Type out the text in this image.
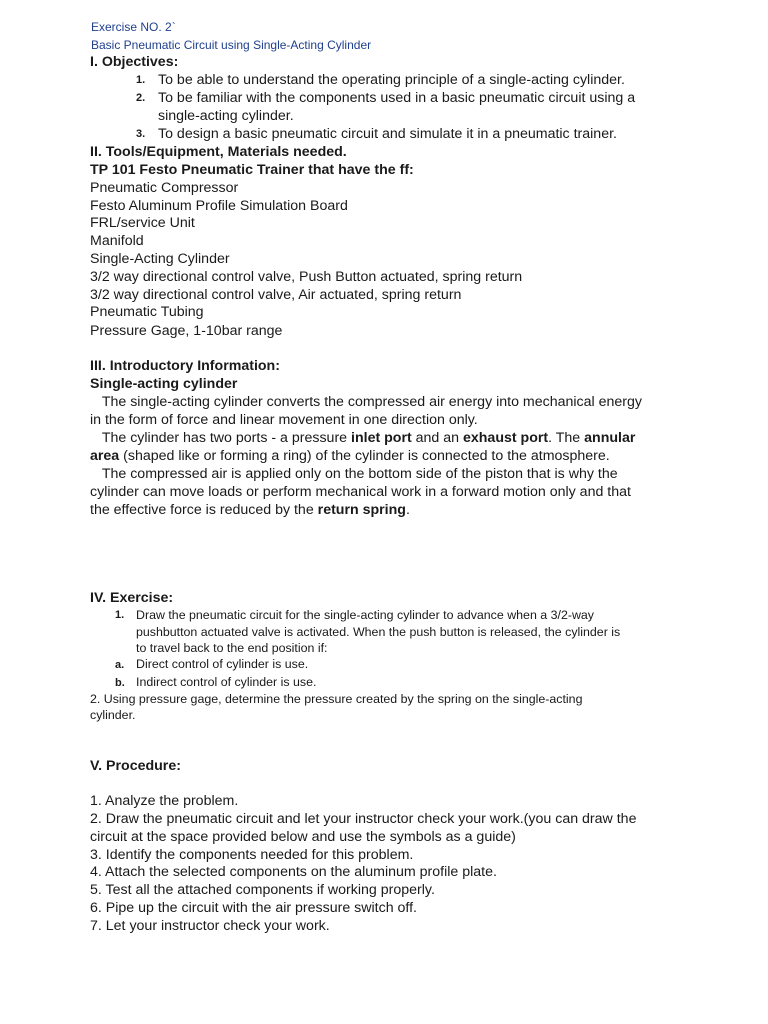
Exercise NO. 2`
Basic Pneumatic Circuit using Single-Acting Cylinder
I. Objectives:
1. To be able to understand the operating principle of a single-acting cylinder.
2. To be familiar with the components used in a basic pneumatic circuit using a
single-acting cylinder.
3. To design a basic pneumatic circuit and simulate it in a pneumatic trainer.
II. Tools/Equipment, Materials needed.
TP 101 Festo Pneumatic Trainer that have the ff:
Pneumatic Compressor
Festo Aluminum Profile Simulation Board
FRL/service Unit
Manifold
Single-Acting Cylinder
3/2 way directional control valve, Push Button actuated, spring return
3/2 way directional control valve, Air actuated, spring return
Pneumatic Tubing
Pressure Gage, 1-10bar range
III. Introductory Information:
Single-acting cylinder
The single-acting cylinder converts the compressed air energy into mechanical energy
in the form of force and linear movement in one direction only.
The cylinder has two ports - a pressure inlet port and an exhaust port. The annular
area (shaped like or forming a ring) of the cylinder is connected to the atmosphere.
The compressed air is applied only on the bottom side of the piston that is why the
cylinder can move loads or perform mechanical work in a forward motion only and that
the effective force is reduced by the return spring.
IV. Exercise:
1. Draw the pneumatic circuit for the single-acting cylinder to advance when a 3/2-way
pushbutton actuated valve is activated. When the push button is released, the cylinder is
to travel back to the end position if:
a. Direct control of cylinder is use.
b. Indirect control of cylinder is use.
2. Using pressure gage, determine the pressure created by the spring on the single-acting
cylinder.
V. Procedure:
1. Analyze the problem.
2. Draw the pneumatic circuit and let your instructor check your work.(you can draw the
circuit at the space provided below and use the symbols as a guide)
3. Identify the components needed for this problem.
4. Attach the selected components on the aluminum profile plate.
5. Test all the attached components if working properly.
6. Pipe up the circuit with the air pressure switch off.
7. Let your instructor check your work.
